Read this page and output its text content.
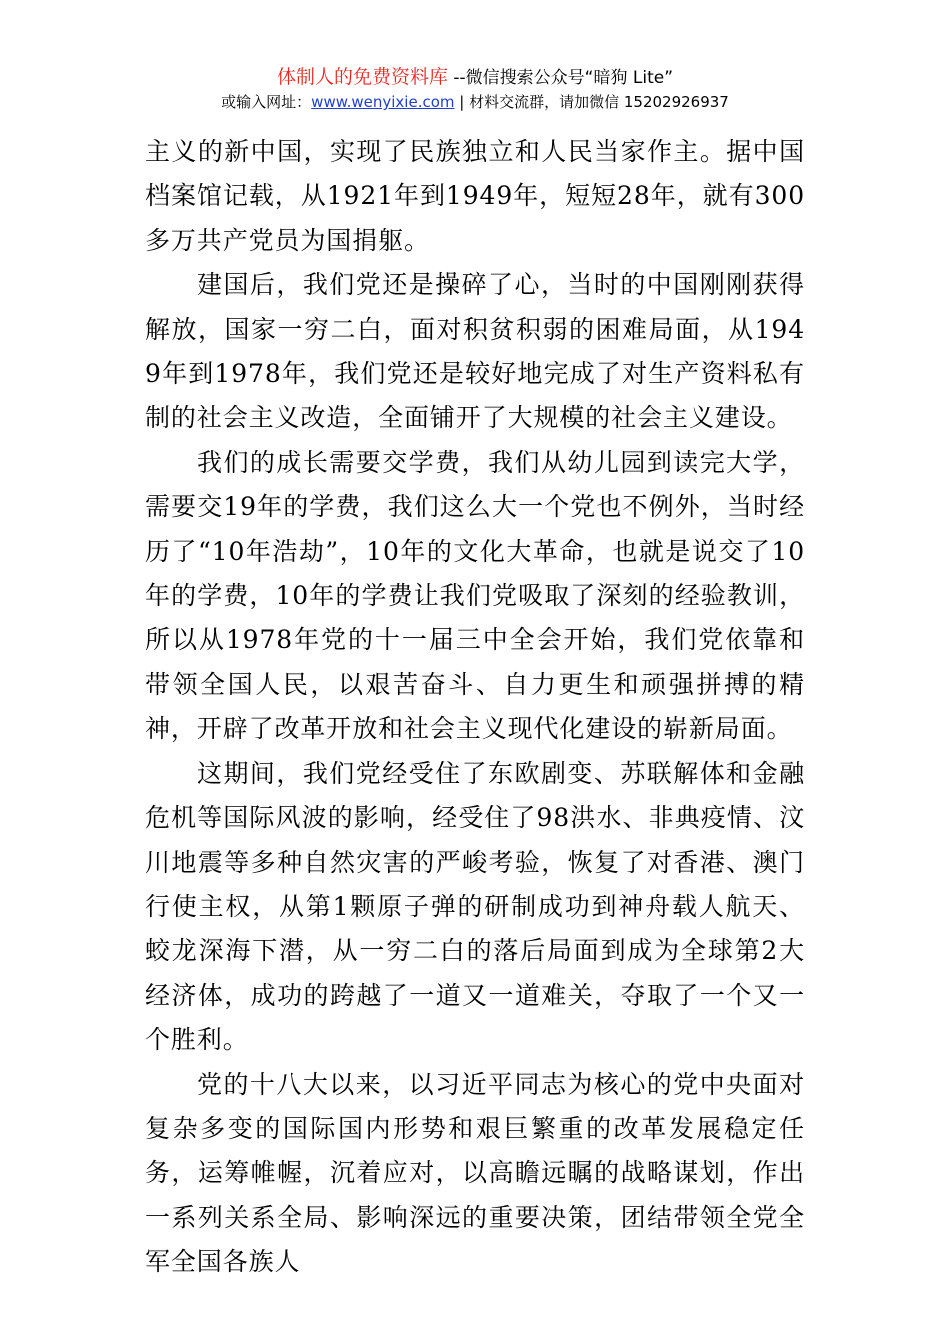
体制人的免费资料库 --微信搜索公众号“暗狗 Lite”
或输入网址：www.wenyixie.com | 材料交流群，请加微信 15202926937

主义的新中国，实现了民族独立和人民当家作主。据中国档案馆记载，从1921年到1949年，短短28年，就有300多万共产党员为国捐躯。

建国后，我们党还是操碎了心，当时的中国刚刚获得解放，国家一穷二白，面对积贫积弱的困难局面，从1949年到1978年，我们党还是较好地完成了对生产资料私有制的社会主义改造，全面铺开了大规模的社会主义建设。

我们的成长需要交学费，我们从幼儿园到读完大学，需要交19年的学费，我们这么大一个党也不例外，当时经历了“10年浩劫”，10年的文化大革命，也就是说交了10年的学费，10年的学费让我们党吸取了深刻的经验教训，所以从1978年党的十一届三中全会开始，我们党依靠和带领全国人民，以艰苦奋斗、自力更生和顽强拼搏的精神，开辟了改革开放和社会主义现代化建设的崭新局面。

这期间，我们党经受住了东欧剧变、苏联解体和金融危机等国际风波的影响，经受住了98洪水、非典疫情、汶川地震等多种自然灾害的严峻考验，恢复了对香港、澳门行使主权，从第1颗原子弹的研制成功到神舟载人航天、蛟龙深海下潜，从一穷二白的落后局面到成为全球第2大经济体，成功的跨越了一道又一道难关，夺取了一个又一个胜利。

党的十八大以来，以习近平同志为核心的党中央面对复杂多变的国际国内形势和艰巨繁重的改革发展稳定任务，运筹帷幄，沉着应对，以高瞻远瞩的战略谋划，作出一系列关系全局、影响深远的重要决策，团结带领全党全军全国各族人
